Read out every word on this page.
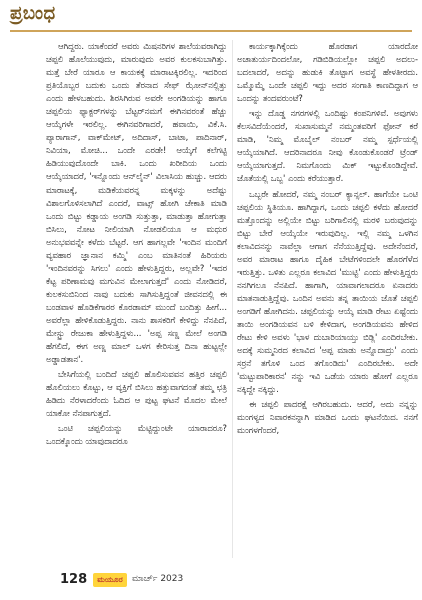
ಪ್ರಬಂಧ

ಆಗಿದ್ದರು. ಯಾಕೆಂದರೆ ಅವರು ಮಿಷನರಿಗಳ ಶಾಲೆಯವರಾಗಿದ್ದು ಚಪ್ಪಲಿ ಹೊಲೆಯುವುದು, ಮಾರುವುದು ಅವರ ಕುಲಕಸುಬಾಗಿತ್ತು. ಮತ್ತೆ ಬೇರೆ ಯಾರೂ ಆ ಕಾಯಕಕ್ಕೆ ಮಾರಾಟಕ್ಕಿರಲಿಲ್ಲ. ಇದರಿಂದ ಪ್ರತಿಯೊಬ್ಬರ ಬದುಕು ಒಂದು ತೆರನಾದ ಸೇಫ್ ಝೋನ್‌ನಲ್ಲಿತ್ತು ಎಂದು ಹೇಳಬಹುದು. ಶಿರಸಿಗಿರುವ ಅವರೇ ಅಂಗಡಿಯನ್ನು ಹಾಗೂ ಚಪ್ಪಲಿಯ ಫ್ಯಾಕ್ಟರ್‌ಗಳನ್ನು ಬೆಟ್ಟರ್‌ನಮಗೆ ಈಗಿನವರಂತೆ ಹೆಚ್ಚು ಆಯ್ಕೆಗಳೇ ಇರಲಿಲ್ಲ. ಈಗಿನವರಿಗಾದರೆ, ಹವಾಯಿ, ವಿಕೆ.ಸಿ. ಪ್ಯಾರಾಗಾನ್, ವಾಕ್‌ಮೇಟ್, ಅದಿದಾಸ್, ಬಾಟಾ, ಪಾದಿನಾರ್, ನಿವಿಯಾ, ಮೋಚಿ... ಒಂದೇ ಎರಡೇ! ಆಯ್ಕೆಗೆ ಕಲೆಗಟ್ಟಿ ಹಿಡಿಯುವುದೊಂದೇ ಬಾಕಿ. ಒಂದು ಖರೀದಿಯ ಒಂದು ಆಯ್ಕೆಯಾದರೆ, 'ಇನ್ನೊಂದು ಆನ್‌ಲೈನ್' ವಿಲಾಸಿಯ ಹುಚ್ಚು. ಆದರು ಮಾರಾಟಕ್ಕೆ, ಮಡಿಕೆಯವರನ್ನ ಮಕ್ಕಳನ್ನು ಅದೆಷ್ಟು ವಿಶಾಲಗೊಳಿಸಲಾಗಿದೆ ಎಂದರೆ, ವಾಟ್ಸ್ ಹೋಗಿ ಚೇಕಾತಿ ಮಾಡಿ ಒಂದು ಬಿಟ್ಟು ಕಡ್ಡಾಯ ಅಂಗಡಿ ಸುತ್ತುತ್ತಾ, ಮಾಡುತ್ತಾ ಹೋಗುತ್ತಾ ಬಿಸಿಲು, ನೋಟ ನೀಲಿಯಾಗಿ ನೋಡಲಿಯೂ ಆ ಮಧುರ ಅನುಭವವನ್ನೇ ಕಳೆದು ಬೆಟ್ಟರೆ. ಆಗ ಹಾಗಲ್ಲವೇ 'ಇಂದಿನ ಮಂದಿಗೆ ವ್ಯವಹಾರ ಜ್ಞಾನಾನ ಕಮ್ಮಿ' ಎಂಬ ಮಾತಿನಂತೆ ಹಿರಿಯರು 'ಇಂದಿನವರನ್ನು ಸಿಗಲು' ಎಂದು ಹೇಳುತ್ತಿದ್ದರು, ಅಲ್ಲವೇ? 'ಇದರ ಕೆಟ್ಟ ಪರಿಣಾಮವು ಮಗುವಿನ ಮೇಲಾಗುತ್ತದೆ' ಎಂದು ನೋಡಿದರೆ, ಕುಲಕಸುಬಿನಿಂದ ನಾವು ಬದುಕು ಸಾಗಿಸುತ್ತಿದ್ದಂತೆ ಜೀವನದಲ್ಲಿ ಈ ಬಂಡವಾಳ ಹೊಡಿಕೆಗಾರರ ಕೊರಡಾಮ್ ಮುಂದೆ ಬಂದಿತ್ತು ಹೀಗೆ... ಅವರೆಲ್ಲಾ ಹೇಳಿಕೊಡುತ್ತಿದ್ದರು. ನಾನು ಶಾಸಕರಿಗೆ ಕೇಳಿದ್ದು ನೆನಪಿದೆ, ಮೇಸ್ಟ್ರು ರೇಜುಕಾ ಹೇಳುತ್ತಿದ್ದಳು... 'ಅಪ್ಪ ಸಣ್ಣ ಮೇಲೆ ಅಂಗಡಿ ಹೆಗಲಿದೆ, ಈಗ ಅಣ್ಣ ಮಾಲ್ ಒಳಗ ಕೇರಿಸುತ್ತ ದಿನಾ ಹುಟ್ಟಲ್ಲೇ ಅಡ್ಡಾಡತಾನ'.

ಬೇಸಿಗೆಯಲ್ಲಿ ಬಂದಿದೆ ಚಪ್ಪಲಿ ಹೊಲಿಸುವವನ ಹತ್ತಿರ ಚಪ್ಪಲಿ ಹೊಲಿಯಲು ಕೊಟ್ಟು, ಆ ವ್ಯಕ್ತಿಗೆ ಬಿಸಿಲು ಹತ್ತುವಾಗದಂತೆ ತಮ್ಮ ಛತ್ರಿ ಹಿಡಿದು ನೆರಳಾದರೆಂದು ಓದಿದ ಆ ಪುಟ್ಟ ಘಟನೆ ಮೊದಲ ಮೇಲೆ ಯಾಕೋ ನೆನಪಾಗುತ್ತದೆ.

ಒಂಟಿ ಚಪ್ಪಲಿಯನ್ನು ಮೆಟ್ಟಿದ್ದುಂಟೇ ಯಾರಾದರೂ? ಒಂದಕ್ಕೊಂದು ಯಾವುದಾದರೂ

ಕಾರ್ಯಕ್ಕಾಗಿಕ್ಕೆಂದು ಹೊರಡಾಗ ಯಾರದೋ ಅಚಾತುರ್ಯದಿಂದಲೋ, ಗಡಿಬಿಡಿಯಲ್ಲೋ ಚಪ್ಪಲಿ ಅದಲು-ಬದಲಾದರೆ, ಅದನ್ನು ಹುಡುಕಿ ತೊಟ್ಟಾಗ ಅವಸ್ಥೆ ಹೇಳತೀರದು. ಒಮ್ಮೊಮ್ಮೆ ಒಂದೇ ಚಪ್ಪಲಿ ಇದ್ದು ಅದರ ಸಂಗಾತಿ ಕಾಣದಿದ್ದಾಗ ಆ ಒಂದನ್ನು ತಂದವರುಂಟೆ?

ಇನ್ನು ದೊಡ್ಡ ನಗರಗಳಲ್ಲಿ ಒಂದಿಷ್ಟು ಕಂಪನಿಗಳಿವೆ. ಅವುಗಳು ಕೆಲಸವಿದೆಯೆಂದರೆ, ಸುಖಾಸುಮ್ಮನೆ ನಮ್ಮಂತವರಿಗೆ ಫೋನ್ ಕರೆ ಮಾಡಿ, 'ನಿಮ್ಮ ಮೊಬೈಲ್ ನಂಬರ್ ನಮ್ಮ ಸ್ಪರ್ಧೆಯಲ್ಲಿ ಆಯ್ಕೆಯಾಗಿದೆ. ಆದರಿನಾದರೂ ನೀವು ಕೊಂಡುಕೊಂಡರೆ ಟ್ರೆಂಡ್ ಆಯ್ಕೆಯಾಗುತ್ತದೆ. ನಿಮಗೊಂದು ಮಿಕ್ ಇಟ್ಟುಕೊಂಡಿದ್ದೇವೆ. ಜೊತೆಯಲ್ಲಿ ಒಬ್ಬ' ಎಂದು ಕರೆಯುತ್ತಾರೆ.

ಒಬ್ಬರೇ ಹೋದರೆ, ನಮ್ಮ ನಂಬರ್ ಕ್ಯಾನ್ಸಲ್. ಹಾಗೆಯೇ ಒಂಟಿ ಚಪ್ಪಲಿಯ ಸ್ಥಿತಿಯೂ. ಹಾಗಿದ್ದಾಗ, ಒಂದು ಚಪ್ಪಲಿ ಕಳೆದು ಹೋದರೆ ಮತ್ತೊಂದನ್ನು ಅಲ್ಲಿಯೇ ಬಿಟ್ಟು ಬರಿಗಾಲಿನಲ್ಲಿ ಮರಳಿ ಬರುವುದನ್ನು ಬಿಟ್ಟು ಬೇರೆ ಆಯ್ಕೆಯೇ ಇರುವುದಿಲ್ಲ. ಇಲ್ಲಿ ನಮ್ಮ ಒಳಗಿನ ಕಲಾವಿದನನ್ನು ನಾವೆಲ್ಲಾ ಆಗಾಗ ನೆನೆಯುತ್ತಿದ್ದೆವು. ಅದೇನೆಂದರೆ, ಅವರ ಮಾರಾಟ ಹಾಗೂ ದೈಹಿಕ ಬೇಟೆಗಳಿಂದಲೇ ಹೊರಗೆಳೆದ ಇರುತ್ತಿತ್ತು. ಒಳಿತು ಎಲ್ಲರೂ ಕಲಾವಿದ 'ಮುಟ್ಟಿ' ಎಂದು ಹೇಳುತ್ತಿದ್ದರು ನನಗಿಗಲೂ ನೆನಪಿದೆ. ಹಾಗಾಗಿ, ಯಾವಾಗಲಾದರೂ ಏನಾದರು ಮಾತನಾಡುತ್ತಿದ್ದೆವು. ಒಂದಿನ ಅವನು ತನ್ನ ತಾಯಿಯ ಜೊತೆ ಚಪ್ಪಲಿ ಅಂಗಡಿಗೆ ಹೋಗಿದನು. ಚಪ್ಪಲಿಯನ್ನು ಆಯ್ಕೆ ಮಾಡಿ ರೇಟು ಏಷ್ಟೆಂದು ತಾಯಿ ಅಂಗಡಿಯವನ ಬಳಿ ಕೇಳಿದಾಗ, ಅಂಗಡಿಯವನು ಹೇಳಿದ ರೇಟು ಕೇಳಿ ಅವಳು 'ಭಾಳ ದುಬಾರಿಯಾಯ್ತು ಬಿಡ್ಲಿ' ಎಂದಿರಬೇಕು. ಅದಕ್ಕೆ ಸುಮ್ಮನಿರದ ಕಲಾವಿದ 'ಅಪ್ಪ ಮಾಡು ಅನ್ನೊದಾದ್ರು' ಎಂದು ಸರ್ರನೆ ತಗೊಳಿ ಒಂದ ತಗೊಂಡಿದು' ಎಂದಿರಬೇಕು. ಅದೇ 'ಮಟ್ಟುಪಾರಿಕಾರನ' ನನ್ನು ಇವಿ ಒಡೆಯ ಯಾರು ಹೋಗೆ ಎಲ್ಲರೂ ನಕ್ಕಿದ್ದೇ ನಕ್ಕಿದ್ದು.

ಈ ಚಪ್ಪಲಿ ಪಾದರಕ್ಷೆ ಆಗಿರಬಹುದು. ಆದರೆ, ಅದು ನನ್ನನ್ನು ಮಂಗಳ್ಯದ ನಿವಾರಕನನ್ನಾಗಿ ಮಾಡಿದ ಒಂದು ಘಟನೆಯಿದ. ನನಗೆ ಮಂಗಳಗೆಂದರೆ,

128	ಮಯೂರ	ಮಾರ್ಚ್ 2023
